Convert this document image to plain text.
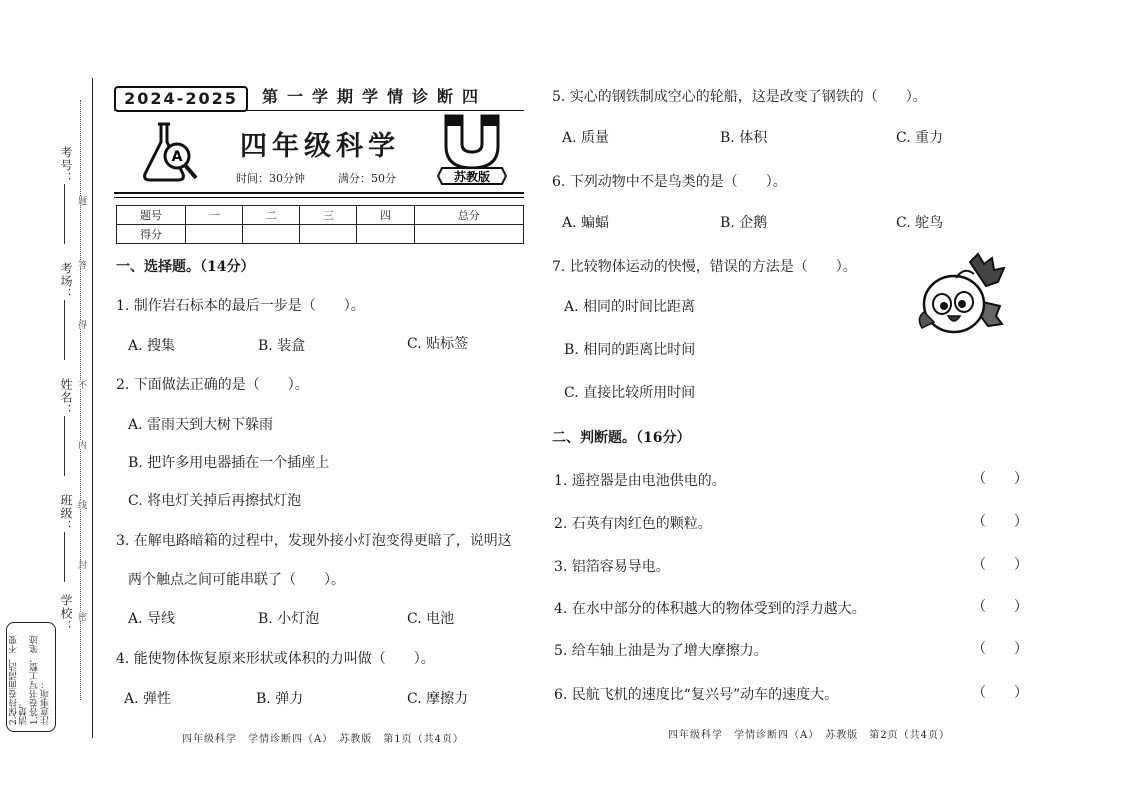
考号：
考场：
姓名：
班级：
学校：
题
答
得
不
内
线
封
密
注意事项：
1.答卷书写工整、笔迹
清楚。
2.保持卷面清洁，不要
2024-2025	第一学期学情诊断四
A 四年级科学
时间：30分钟	满分：50分	苏教版
题号	一	二	三	四	总分
得分					
一、选择题。（14分）
1. 制作岩石标本的最后一步是（　　）。
A. 搜集	B. 装盒	C. 贴标签
2. 下面做法正确的是（　　）。
A. 雷雨天到大树下躲雨
B. 把许多用电器插在一个插座上
C. 将电灯关掉后再擦拭灯泡
3. 在解电路暗箱的过程中，发现外接小灯泡变得更暗了，说明这
两个触点之间可能串联了（　　）。
A. 导线	B. 小灯泡	C. 电池
4. 能使物体恢复原来形状或体积的力叫做（　　）。
A. 弹性	B. 弹力	C. 摩擦力
四年级科学　学情诊断四（A）　苏教版　第1页（共4页）
5. 实心的钢铁制成空心的轮船，这是改变了钢铁的（　　）。
A. 质量	B. 体积	C. 重力
6. 下列动物中不是鸟类的是（　　）。
A. 蝙蝠	B. 企鹅	C. 鸵鸟
7. 比较物体运动的快慢，错误的方法是（　　）。
A. 相同的时间比距离
B. 相同的距离比时间
C. 直接比较所用时间
二、判断题。（16分）
1. 遥控器是由电池供电的。	（　　）
2. 石英有肉红色的颗粒。	（　　）
3. 铝箔容易导电。	（　　）
4. 在水中部分的体积越大的物体受到的浮力越大。	（　　）
5. 给车轴上油是为了增大摩擦力。	（　　）
6. 民航飞机的速度比“复兴号”动车的速度大。	（　　）
四年级科学　学情诊断四（A）　苏教版　第2页（共4页）
